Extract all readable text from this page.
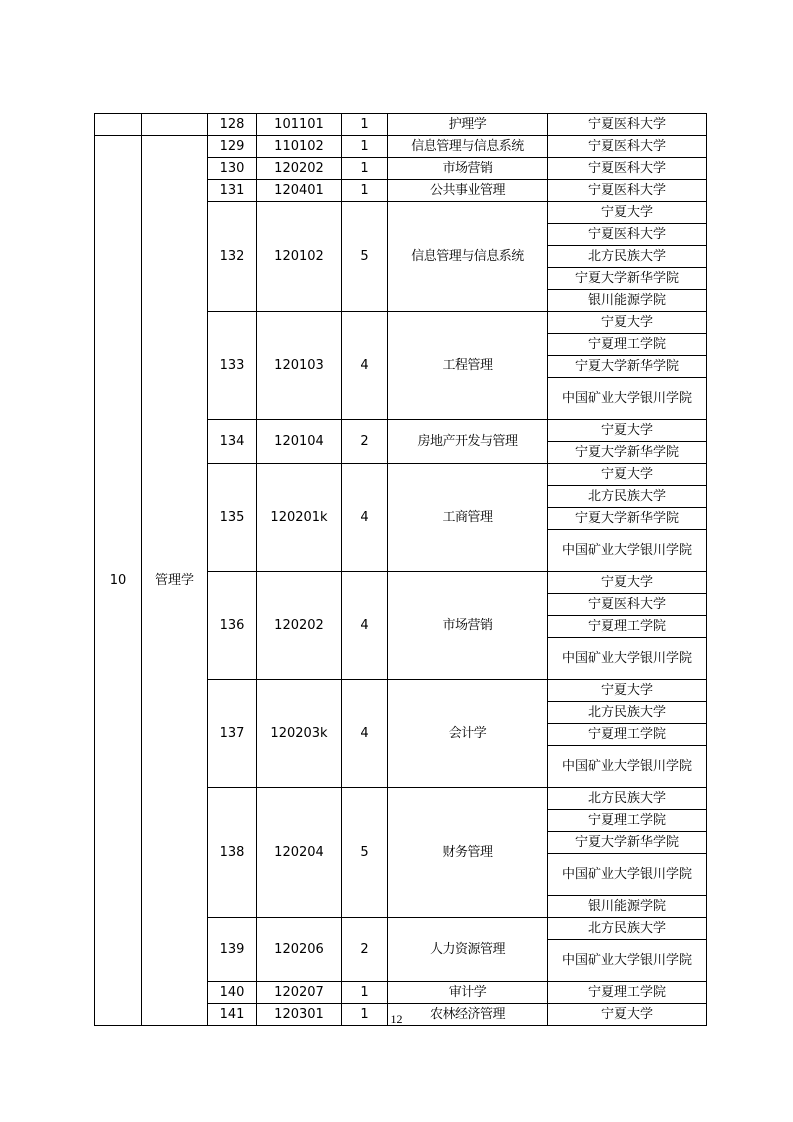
		128	101101	1	护理学	宁夏医科大学
10	管理学	129	110102	1	信息管理与信息系统	宁夏医科大学
		130	120202	1	市场营销	宁夏医科大学
		131	120401	1	公共事业管理	宁夏医科大学
		132	120102	5	信息管理与信息系统	宁夏大学
						宁夏医科大学
						北方民族大学
						宁夏大学新华学院
						银川能源学院
		133	120103	4	工程管理	宁夏大学
						宁夏理工学院
						宁夏大学新华学院
						中国矿业大学银川学院
		134	120104	2	房地产开发与管理	宁夏大学
						宁夏大学新华学院
		135	120201k	4	工商管理	宁夏大学
						北方民族大学
						宁夏大学新华学院
						中国矿业大学银川学院
		136	120202	4	市场营销	宁夏大学
						宁夏医科大学
						宁夏理工学院
						中国矿业大学银川学院
		137	120203k	4	会计学	宁夏大学
						北方民族大学
						宁夏理工学院
						中国矿业大学银川学院
		138	120204	5	财务管理	北方民族大学
						宁夏理工学院
						宁夏大学新华学院
						中国矿业大学银川学院
						银川能源学院
		139	120206	2	人力资源管理	北方民族大学
						中国矿业大学银川学院
		140	120207	1	审计学	宁夏理工学院
		141	120301	1	农林经济管理	宁夏大学
12
